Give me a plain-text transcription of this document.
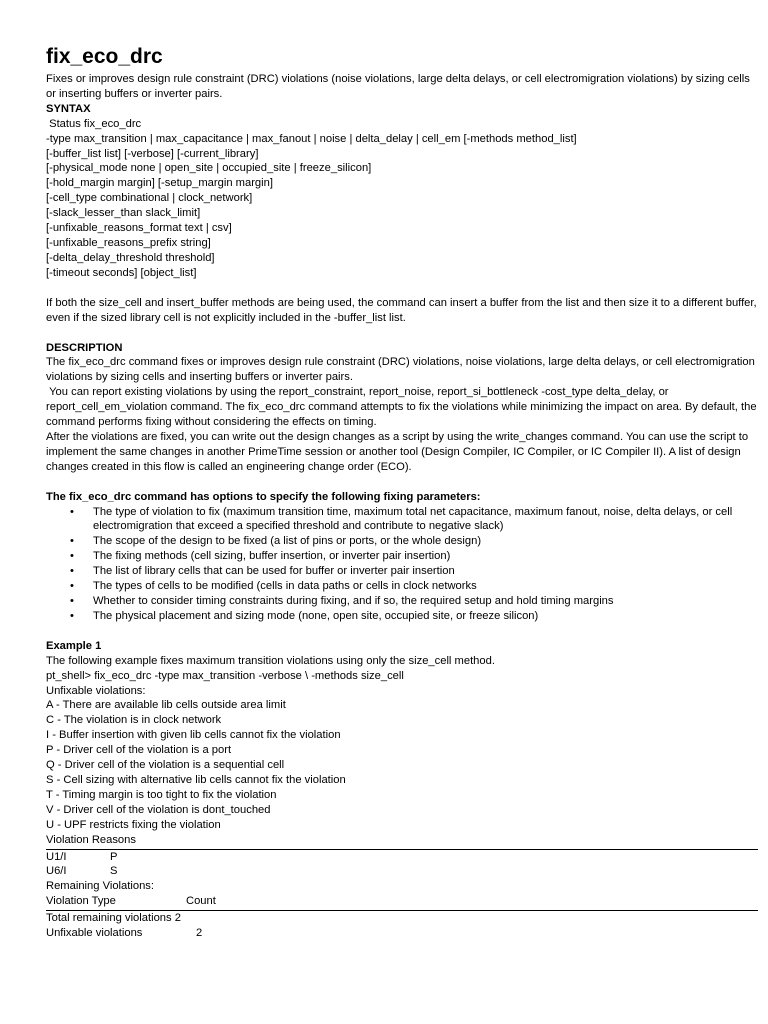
fix_eco_drc

Fixes or improves design rule constraint (DRC) violations (noise violations, large delta delays, or cell electromigration violations) by sizing cells or inserting buffers or inverter pairs.

SYNTAX
Status fix_eco_drc
-type max_transition | max_capacitance | max_fanout | noise | delta_delay | cell_em [-methods method_list]
[-buffer_list list] [-verbose] [-current_library]
[-physical_mode none | open_site | occupied_site | freeze_silicon]
[-hold_margin margin] [-setup_margin margin]
[-cell_type combinational | clock_network]
[-slack_lesser_than slack_limit]
[-unfixable_reasons_format text | csv]
[-unfixable_reasons_prefix string]
[-delta_delay_threshold threshold]
[-timeout seconds] [object_list]

If both the size_cell and insert_buffer methods are being used, the command can insert a buffer from the list and then size it to a different buffer, even if the sized library cell is not explicitly included in the -buffer_list list.

DESCRIPTION

The fix_eco_drc command fixes or improves design rule constraint (DRC) violations, noise violations, large delta delays, or cell electromigration violations by sizing cells and inserting buffers or inverter pairs.

You can report existing violations by using the report_constraint, report_noise, report_si_bottleneck -cost_type delta_delay, or report_cell_em_violation command. The fix_eco_drc command attempts to fix the violations while minimizing the impact on area. By default, the command performs fixing without considering the effects on timing.

After the violations are fixed, you can write out the design changes as a script by using the write_changes command. You can use the script to implement the same changes in another PrimeTime session or another tool (Design Compiler, IC Compiler, or IC Compiler II). A list of design changes created in this flow is called an engineering change order (ECO).

The fix_eco_drc command has options to specify the following fixing parameters:
• The type of violation to fix (maximum transition time, maximum total net capacitance, maximum fanout, noise, delta delays, or cell electromigration that exceed a specified threshold and contribute to negative slack)
• The scope of the design to be fixed (a list of pins or ports, or the whole design)
• The fixing methods (cell sizing, buffer insertion, or inverter pair insertion)
• The list of library cells that can be used for buffer or inverter pair insertion
• The types of cells to be modified (cells in data paths or cells in clock networks
• Whether to consider timing constraints during fixing, and if so, the required setup and hold timing margins
• The physical placement and sizing mode (none, open site, occupied site, or freeze silicon)
Example 1
The following example fixes maximum transition violations using only the size_cell method.
pt_shell> fix_eco_drc -type max_transition -verbose \ -methods size_cell
Unfixable violations:
A - There are available lib cells outside area limit
C - The violation is in clock network
I - Buffer insertion with given lib cells cannot fix the violation
P - Driver cell of the violation is a port
Q - Driver cell of the violation is a sequential cell
S - Cell sizing with alternative lib cells cannot fix the violation
T - Timing margin is too tight to fix the violation
V - Driver cell of the violation is dont_touched
U - UPF restricts fixing the violation
Violation Reasons
U1/I	P
U6/I	S
Remaining Violations:
Violation Type	Count
Total remaining violations 2
Unfixable violations	2
